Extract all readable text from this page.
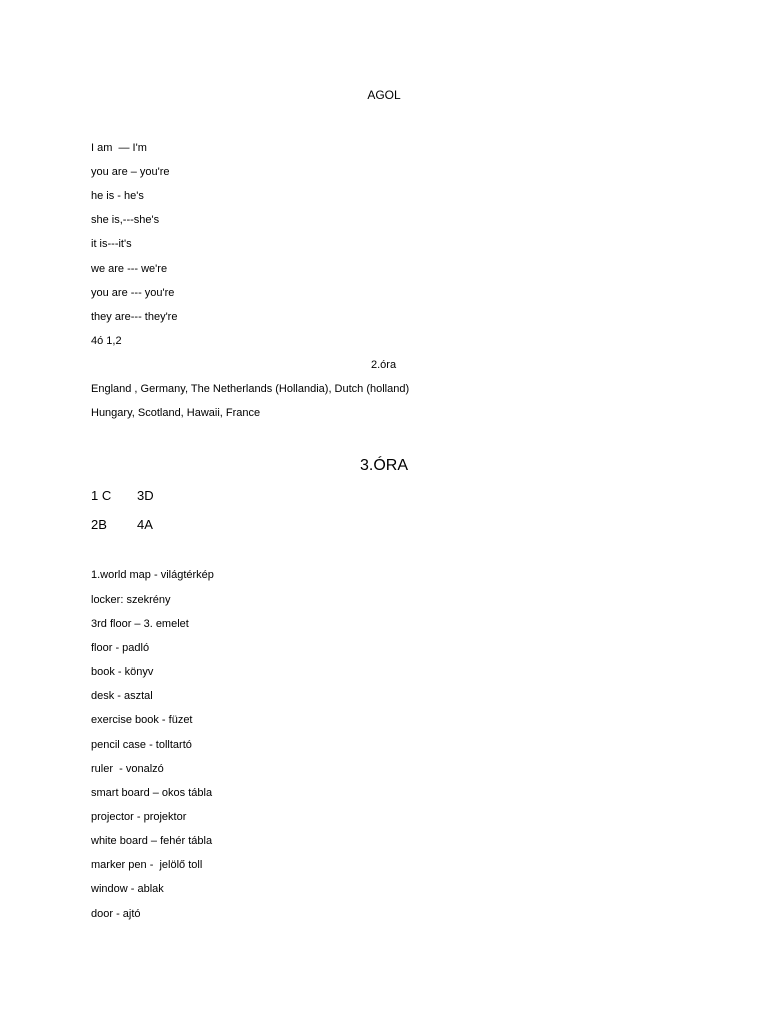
AGOL
I am  — I'm
you are – you're
he is - he's
she is,---she's
it is---it's
we are --- we're
you are --- you're
they are--- they're
4ó 1,2
2.óra
England , Germany, The Netherlands (Hollandia), Dutch (holland)
Hungary, Scotland, Hawaii, France
3.ÓRA
1 C 3D
2B 4A
1.world map - világtérkép
locker: szekrény
3rd floor – 3. emelet
floor - padló
book - könyv
desk - asztal
exercise book - füzet
pencil case - tolltartó
ruler  - vonalzó
smart board – okos tábla
projector - projektor
white board – fehér tábla
marker pen -  jelölő toll
window - ablak
door - ajtó
